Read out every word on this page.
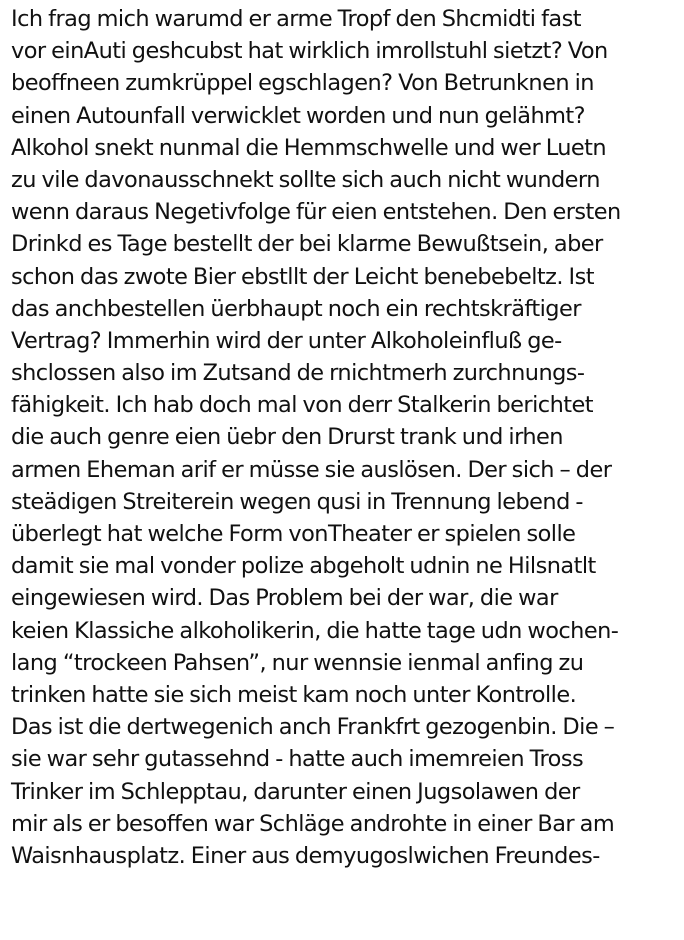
Ich frag mich warumd er arme Tropf den Shcmidti fast
vor einAuti geshcubst hat wirklich imrollstuhl sietzt? Von
beoffneen zumkrüppel egschlagen? Von Betrunknen in
einen Autounfall verwicklet worden und nun gelähmt?
Alkohol snekt nunmal die Hemmschwelle und wer Luetn
zu vile davonausschnekt sollte sich auch nicht wundern
wenn daraus Negetivfolge für eien entstehen. Den ersten
Drinkd es Tage bestellt der bei klarme Bewußtsein, aber
schon das zwote Bier ebstllt der Leicht benebebeltz. Ist
das anchbestellen üerbhaupt noch ein rechtskräftiger
Vertrag? Immerhin wird der unter Alkoholeinfluß ge-
shclossen also im Zutsand de rnichtmerh zurchnungs-
fähigkeit. Ich hab doch mal von derr Stalkerin berichtet
die auch genre eien üebr den Drurst trank und irhen
armen Eheman arif er müsse sie auslösen. Der sich – der
steädigen Streiterein wegen qusi in Trennung lebend -
überlegt hat welche Form vonTheater er spielen solle
damit sie mal vonder polize abgeholt udnin ne Hilsnatlt
eingewiesen wird. Das Problem bei der war, die war
keien Klassiche alkoholikerin, die hatte tage udn wochen-
lang “trockeen Pahsen”, nur wennsie ienmal anfing zu
trinken hatte sie sich meist kam noch unter Kontrolle.
Das ist die dertwegenich anch Frankfrt gezogenbin. Die –
sie war sehr gutassehnd - hatte auch imemreien Tross
Trinker im Schlepptau, darunter einen Jugsolawen der
mir als er besoffen war Schläge androhte in einer Bar am
Waisnhausplatz. Einer aus demyugoslwichen Freundes-
